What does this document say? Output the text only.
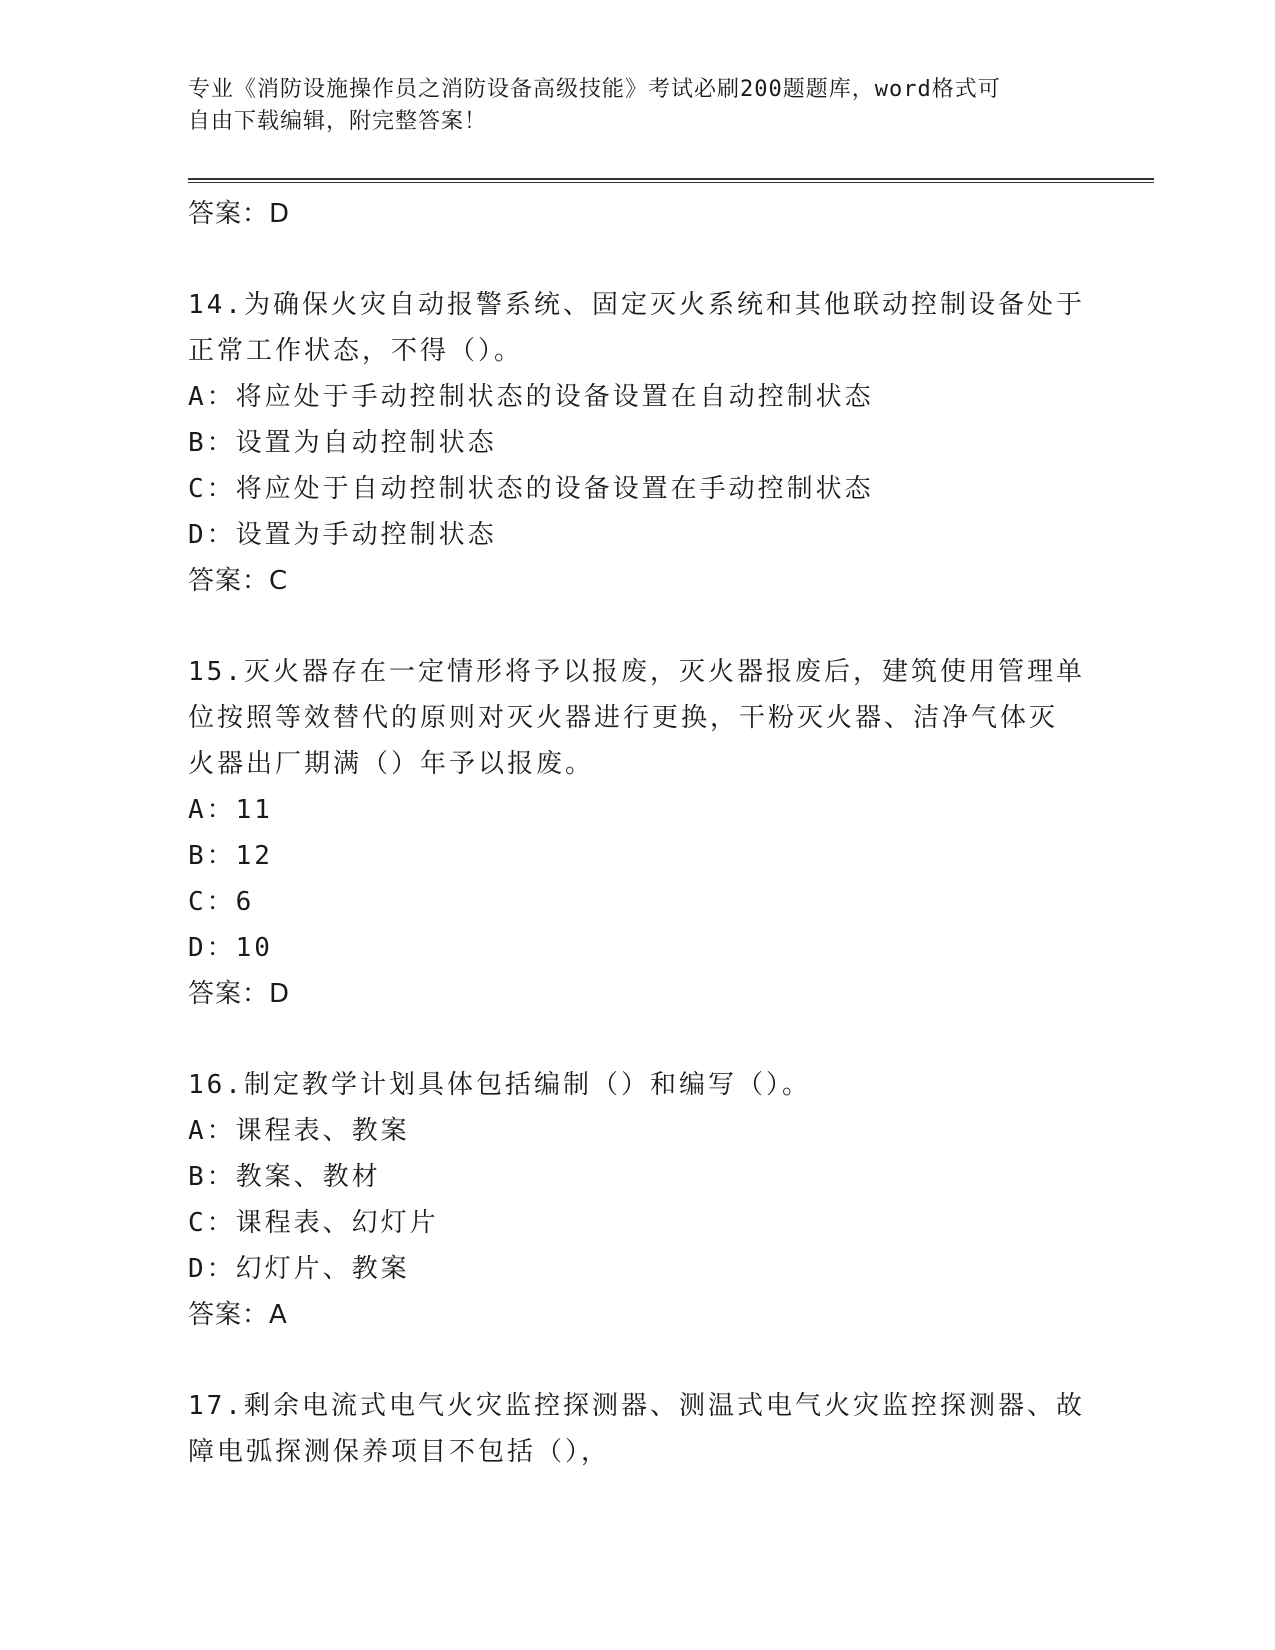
专业《消防设施操作员之消防设备高级技能》考试必刷200题题库，word格式可
自由下载编辑，附完整答案！
答案：D
14.为确保火灾自动报警系统、固定灭火系统和其他联动控制设备处于
正常工作状态，不得（）。
A：将应处于手动控制状态的设备设置在自动控制状态
B：设置为自动控制状态
C：将应处于自动控制状态的设备设置在手动控制状态
D：设置为手动控制状态
答案：C
15.灭火器存在一定情形将予以报废，灭火器报废后，建筑使用管理单
位按照等效替代的原则对灭火器进行更换，干粉灭火器、洁净气体灭
火器出厂期满（）年予以报废。
A：11
B：12
C：6
D：10
答案：D
16.制定教学计划具体包括编制（）和编写（）。
A：课程表、教案
B：教案、教材
C：课程表、幻灯片
D：幻灯片、教案
答案：A
17.剩余电流式电气火灾监控探测器、测温式电气火灾监控探测器、故
障电弧探测保养项目不包括（），
